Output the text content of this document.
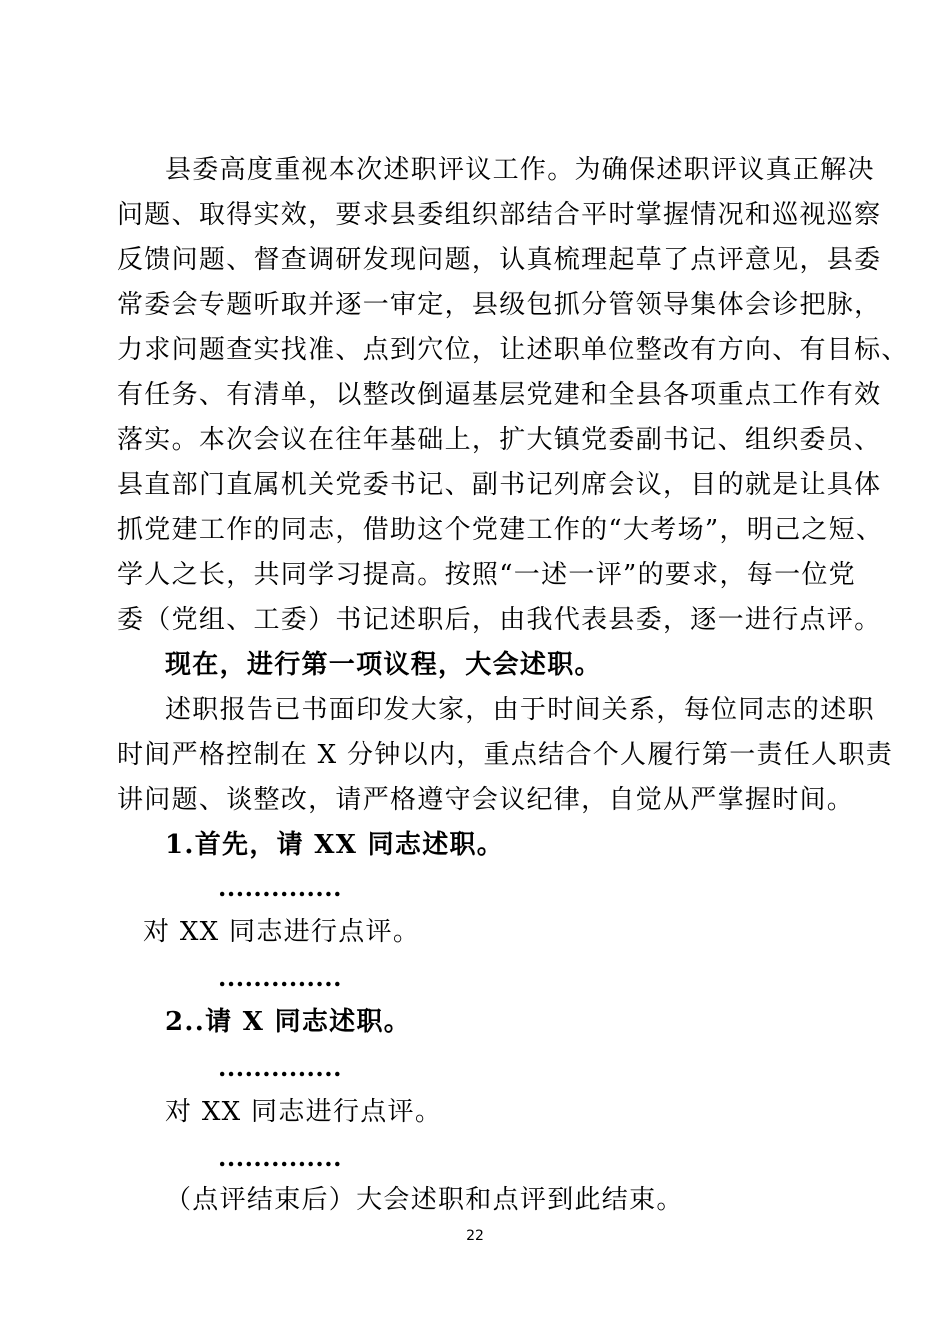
县委高度重视本次述职评议工作。为确保述职评议真正解决
问题、取得实效，要求县委组织部结合平时掌握情况和巡视巡察
反馈问题、督查调研发现问题，认真梳理起草了点评意见，县委
常委会专题听取并逐一审定，县级包抓分管领导集体会诊把脉，
力求问题查实找准、点到穴位，让述职单位整改有方向、有目标、
有任务、有清单，以整改倒逼基层党建和全县各项重点工作有效
落实。本次会议在往年基础上，扩大镇党委副书记、组织委员、
县直部门直属机关党委书记、副书记列席会议，目的就是让具体
抓党建工作的同志，借助这个党建工作的“大考场”，明己之短、
学人之长，共同学习提高。按照“一述一评”的要求，每一位党
委（党组、工委）书记述职后，由我代表县委，逐一进行点评。
现在，进行第一项议程，大会述职。
述职报告已书面印发大家，由于时间关系，每位同志的述职
时间严格控制在 X 分钟以内，重点结合个人履行第一责任人职责
讲问题、谈整改，请严格遵守会议纪律，自觉从严掌握时间。
1.首先，请 XX 同志述职。
..............
对 XX 同志进行点评。
..............
2..请 X 同志述职。
..............
对 XX 同志进行点评。
..............
（点评结束后）大会述职和点评到此结束。
22
